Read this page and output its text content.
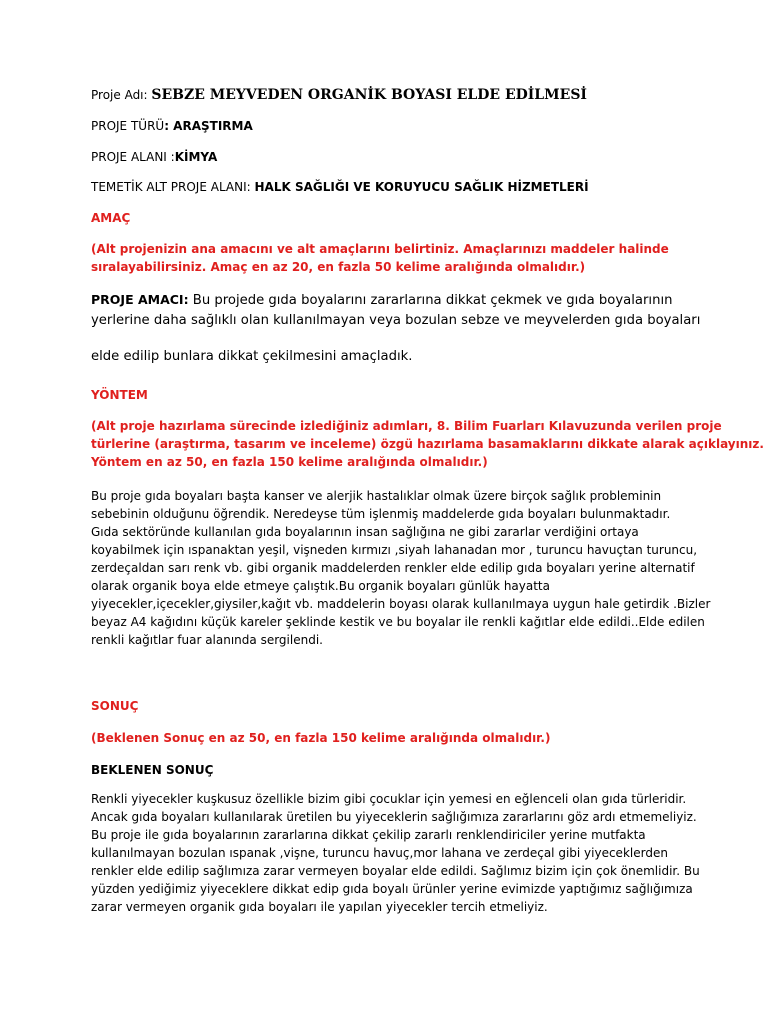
Proje Adı: SEBZE MEYVEDEN ORGANİK BOYASI ELDE EDİLMESİ
PROJE TÜRÜ: ARAŞTIRMA
PROJE ALANI :KİMYA
TEMETİK ALT PROJE ALANI: HALK SAĞLIĞI VE KORUYUCU SAĞLIK HİZMETLERİ
AMAÇ
(Alt projenizin ana amacını ve alt amaçlarını belirtiniz. Amaçlarınızı maddeler halinde
sıralayabilirsiniz. Amaç en az 20, en fazla 50 kelime aralığında olmalıdır.)
PROJE AMACI: Bu projede gıda boyalarını zararlarına dikkat çekmek ve gıda boyalarının
yerlerine daha sağlıklı olan kullanılmayan veya bozulan sebze ve meyvelerden gıda boyaları
elde edilip bunlara dikkat çekilmesini amaçladık.
YÖNTEM
(Alt proje hazırlama sürecinde izlediğiniz adımları, 8. Bilim Fuarları Kılavuzunda verilen proje
türlerine (araştırma, tasarım ve inceleme) özgü hazırlama basamaklarını dikkate alarak açıklayınız.
Yöntem en az 50, en fazla 150 kelime aralığında olmalıdır.)
Bu proje gıda boyaları başta kanser ve alerjik hastalıklar olmak üzere birçok sağlık probleminin
sebebinin olduğunu öğrendik. Neredeyse tüm işlenmiş maddelerde gıda boyaları bulunmaktadır.
Gıda sektöründe kullanılan gıda boyalarının insan sağlığına ne gibi zararlar verdiğini ortaya
koyabilmek için ıspanaktan yeşil, vişneden kırmızı ,siyah lahanadan mor , turuncu havuçtan turuncu,
zerdeçaldan sarı renk vb. gibi organik maddelerden renkler elde edilip gıda boyaları yerine alternatif
olarak organik boya elde etmeye çalıştık.Bu organik boyaları günlük hayatta
yiyecekler,içecekler,giysiler,kağıt vb. maddelerin boyası olarak kullanılmaya uygun hale getirdik .Bizler
beyaz A4 kağıdını küçük kareler şeklinde kestik ve bu boyalar ile renkli kağıtlar elde edildi..Elde edilen
renkli kağıtlar fuar alanında sergilendi.
SONUÇ
(Beklenen Sonuç en az 50, en fazla 150 kelime aralığında olmalıdır.)
BEKLENEN SONUÇ
Renkli yiyecekler kuşkusuz özellikle bizim gibi çocuklar için yemesi en eğlenceli olan gıda türleridir.
Ancak gıda boyaları kullanılarak üretilen bu yiyeceklerin sağlığımıza zararlarını göz ardı etmemeliyiz.
Bu proje ile gıda boyalarının zararlarına dikkat çekilip zararlı renklendiriciler yerine mutfakta
kullanılmayan bozulan ıspanak ,vişne, turuncu havuç,mor lahana ve zerdeçal gibi yiyeceklerden
renkler elde edilip sağlımıza zarar vermeyen boyalar elde edildi. Sağlımız bizim için çok önemlidir. Bu
yüzden yediğimiz yiyeceklere dikkat edip gıda boyalı ürünler yerine evimizde yaptığımız sağlığımıza
zarar vermeyen organik gıda boyaları ile yapılan yiyecekler tercih etmeliyiz.
